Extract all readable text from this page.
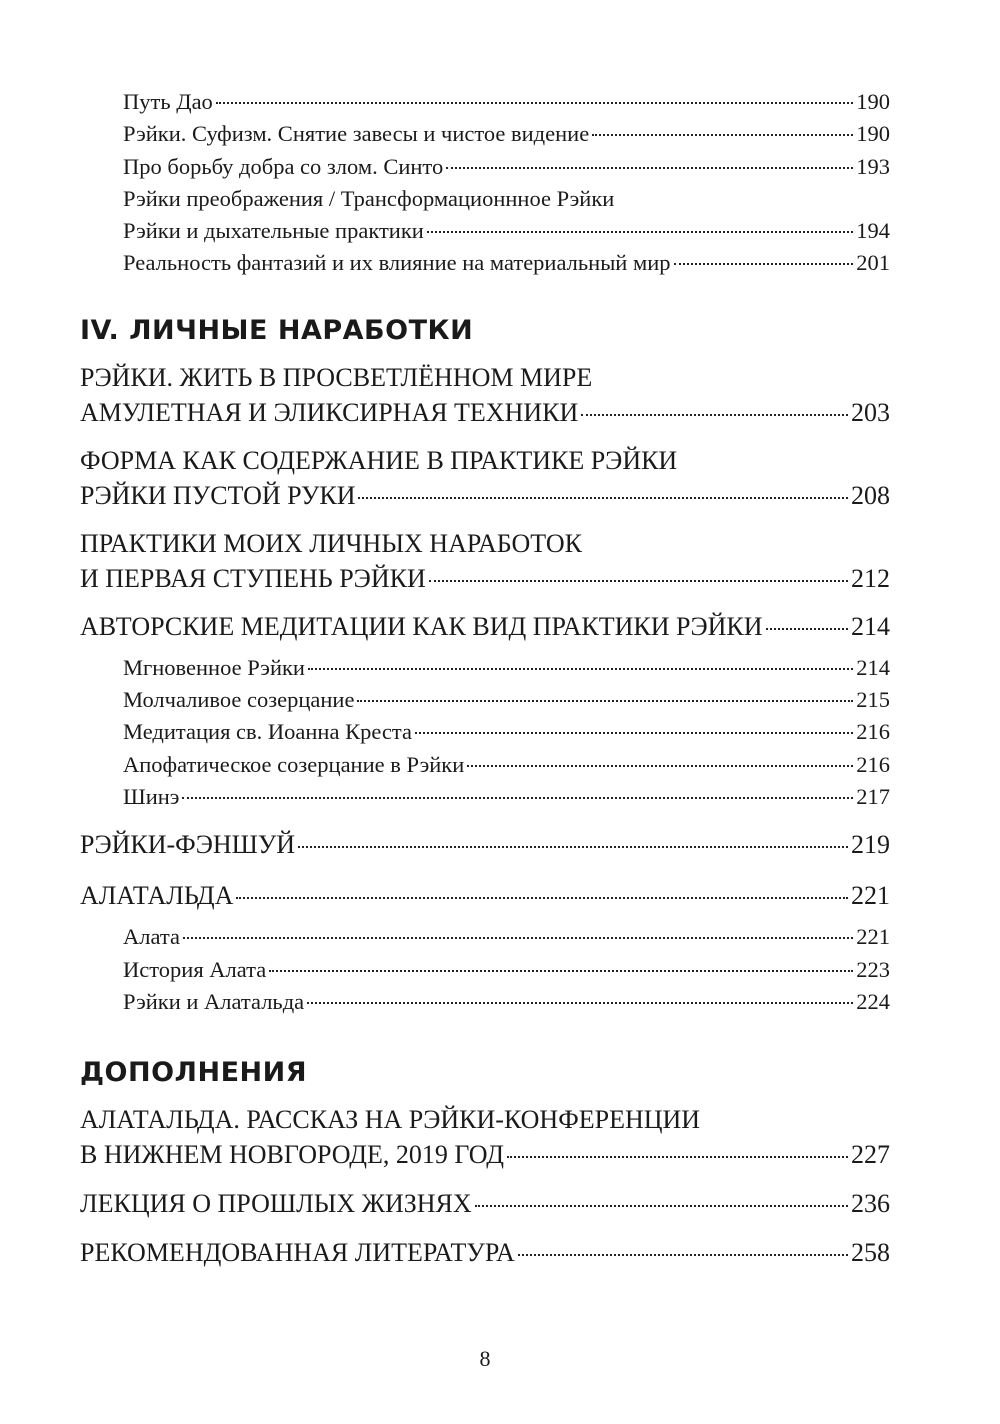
Путь Дао	190
Рэйки. Суфизм. Снятие завесы и чистое видение	190
Про борьбу добра со злом. Синто	193
Рэйки преображения / Трансформационнное Рэйки
Рэйки и дыхательные практики	194
Реальность фантазий и их влияние на материальный мир	201
IV. ЛИЧНЫЕ НАРАБОТКИ
РЭЙКИ. ЖИТЬ В ПРОСВЕТЛЁННОМ МИРЕ
АМУЛЕТНАЯ И ЭЛИКСИРНАЯ ТЕХНИКИ	203
ФОРМА КАК СОДЕРЖАНИЕ В ПРАКТИКЕ РЭЙКИ
РЭЙКИ ПУСТОЙ РУКИ	208
ПРАКТИКИ МОИХ ЛИЧНЫХ НАРАБОТОК
И ПЕРВАЯ СТУПЕНЬ РЭЙКИ	212
АВТОРСКИЕ МЕДИТАЦИИ КАК ВИД ПРАКТИКИ РЭЙКИ	214
Мгновенное Рэйки	214
Молчаливое созерцание	215
Медитация св. Иоанна Креста	216
Апофатическое созерцание в Рэйки	216
Шинэ	217
РЭЙКИ-ФЭНШУЙ	219
АЛАТАЛЬДА	221
Алата	221
История Алата	223
Рэйки и Алатальда	224
ДОПОЛНЕНИЯ
АЛАТАЛЬДА. РАССКАЗ НА РЭЙКИ-КОНФЕРЕНЦИИ
В НИЖНЕМ НОВГОРОДЕ, 2019 ГОД	227
ЛЕКЦИЯ О ПРОШЛЫХ ЖИЗНЯХ	236
РЕКОМЕНДОВАННАЯ ЛИТЕРАТУРА	258
8
